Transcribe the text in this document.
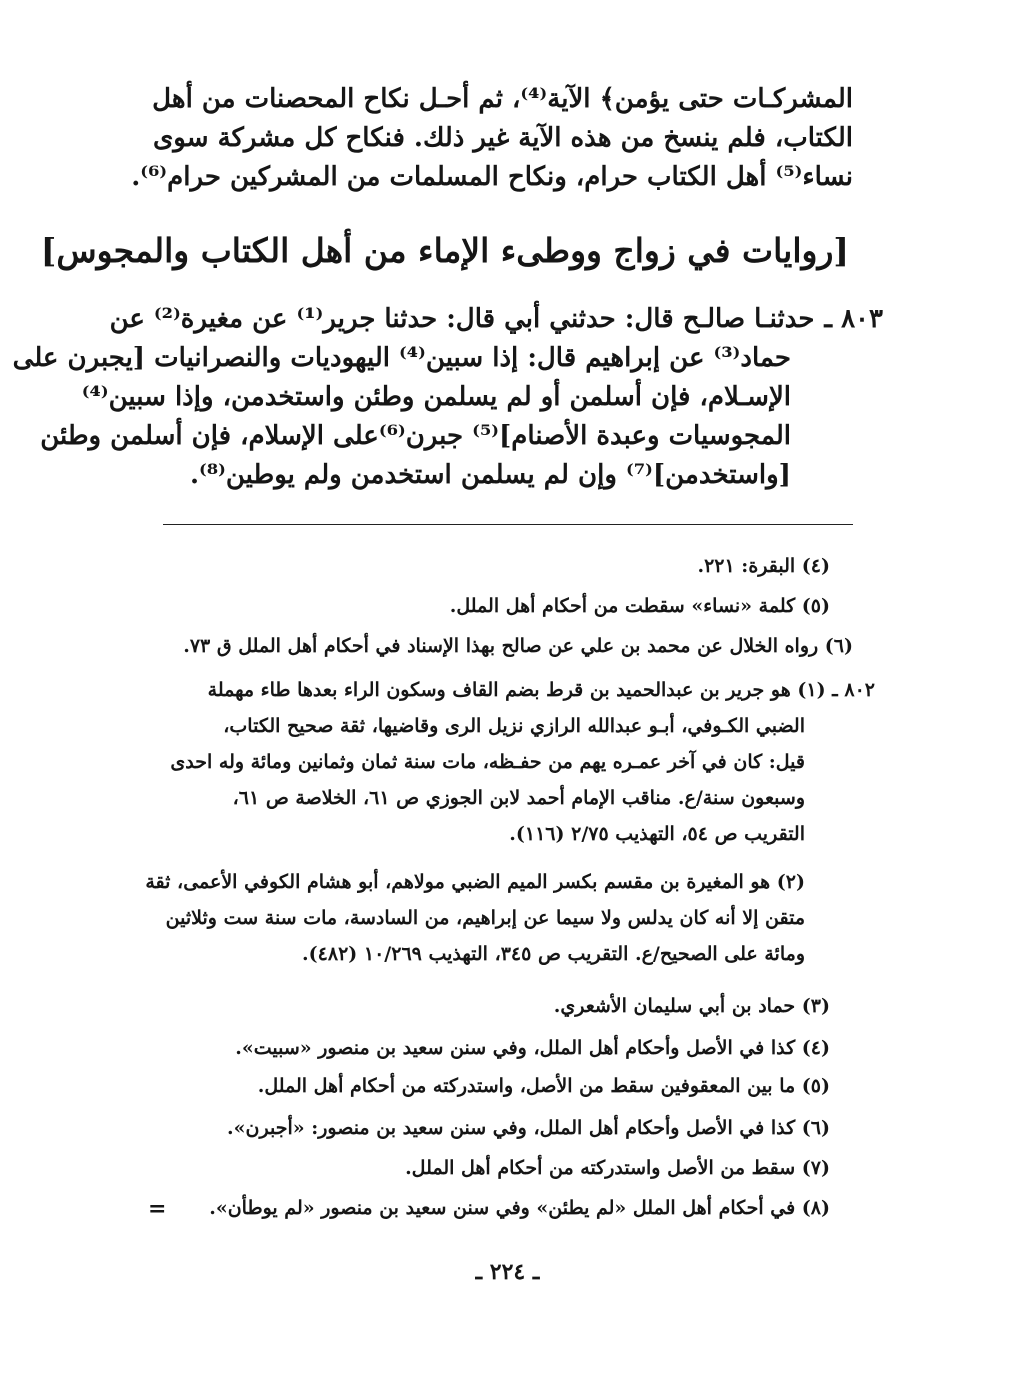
المشركـات حتى يؤمن﴾ الآية⁽⁴⁾، ثم أحـل نكاح المحصنات من أهل
الكتاب، فلم ينسخ من هذه الآية غير ذلك. فنكاح كل مشركة سوى
نساء⁽⁵⁾ أهل الكتاب حرام، ونكاح المسلمات من المشركين حرام⁽⁶⁾.
[روايات في زواج ووطىء الإماء من أهل الكتاب والمجوس]
٨٠٣ ـحدثنـا صالـح قال: حدثني أبي قال: حدثنا جرير⁽¹⁾ عن مغيرة⁽²⁾ عن
حماد⁽³⁾ عن إبراهيم قال: إذا سبين⁽⁴⁾ اليهوديات والنصرانيات [يجبرن على
الإسـلام، فإن أسلمن أو لم يسلمن وطئن واستخدمن، وإذا سبين⁽⁴⁾
المجوسيات وعبدة الأصنام]⁽⁵⁾ جبرن⁽⁶⁾على الإسلام، فإن أسلمن وطئن
[واستخدمن]⁽⁷⁾ وإن لم يسلمن استخدمن ولم يوطين⁽⁸⁾.
(٤) البقرة: ٢٢١.
(٥) كلمة «نساء» سقطت من أحكام أهل الملل.
(٦) رواه الخلال عن محمد بن علي عن صالح بهذا الإسناد في أحكام أهل الملل ق ٧٣.
٨٠٢ ـ (١) هو جرير بن عبدالحميد بن قرط بضم القاف وسكون الراء بعدها طاء مهملة
الضبي الكـوفي، أبـو عبدالله الرازي نزيل الرى وقاضيها، ثقة صحيح الكتاب،
قيل: كان في آخر عمـره يهم من حفـظه، مات سنة ثمان وثمانين ومائة وله احدى
وسبعون سنة/ع. مناقب الإمام أحمد لابن الجوزي ص ٦١، الخلاصة ص ٦١،
التقريب ص ٥٤، التهذيب ٢/٧٥ (١١٦).
(٢) هو المغيرة بن مقسم بكسر الميم الضبي مولاهم، أبو هشام الكوفي الأعمى، ثقة
متقن إلا أنه كان يدلس ولا سيما عن إبراهيم، من السادسة، مات سنة ست وثلاثين
ومائة على الصحيح/ع. التقريب ص ٣٤٥، التهذيب ١٠/٢٦٩ (٤٨٢).
(٣) حماد بن أبي سليمان الأشعري.
(٤) كذا في الأصل وأحكام أهل الملل، وفي سنن سعيد بن منصور «سبيت».
(٥) ما بين المعقوفين سقط من الأصل، واستدركته من أحكام أهل الملل.
(٦) كذا في الأصل وأحكام أهل الملل، وفي سنن سعيد بن منصور: «أجبرن».
(٧) سقط من الأصل واستدركته من أحكام أهل الملل.
(٨) في أحكام أهل الملل «لم يطئن» وفي سنن سعيد بن منصور «لم يوطأن».
=
ـ ٢٢٤ ـ
